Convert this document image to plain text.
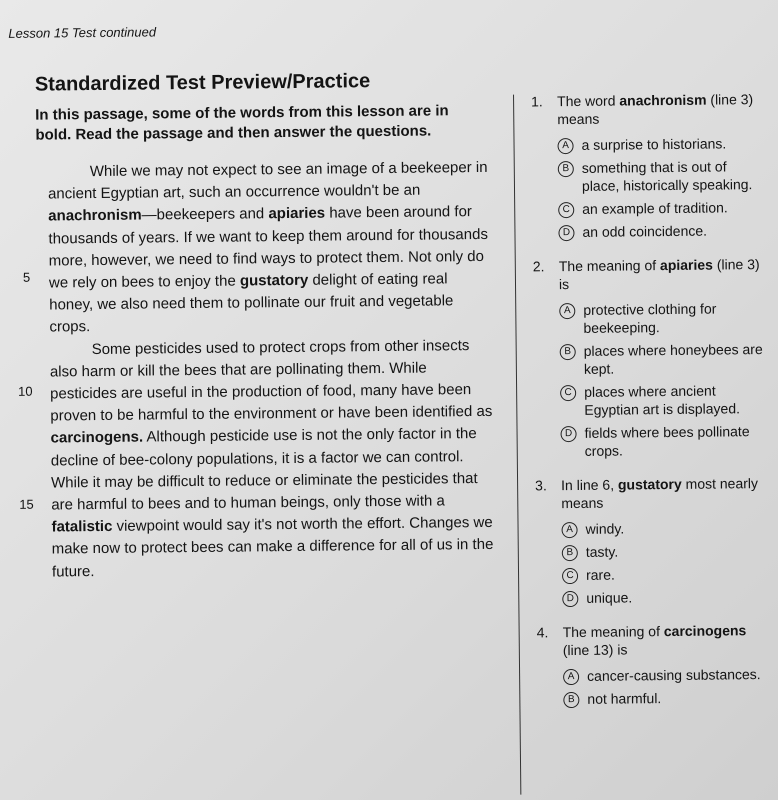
Lesson 15 Test continued
Standardized Test Preview/Practice
In this passage, some of the words from this lesson are in bold. Read the passage and then answer the questions.

While we may not expect to see an image of a beekeeper in ancient Egyptian art, such an occurrence wouldn't be an anachronism—beekeepers and apiaries have been around for thousands of years. If we want to keep them around for thousands more, however, we need to find ways to protect them. Not only do we rely on bees to enjoy the gustatory delight of eating real honey, we also need them to pollinate our fruit and vegetable crops.

Some pesticides used to protect crops from other insects also harm or kill the bees that are pollinating them. While pesticides are useful in the production of food, many have been proven to be harmful to the environment or have been identified as carcinogens. Although pesticide use is not the only factor in the decline of bee-colony populations, it is a factor we can control. While it may be difficult to reduce or eliminate the pesticides that are harmful to bees and to human beings, only those with a fatalistic viewpoint would say it's not worth the effort. Changes we make now to protect bees can make a difference for all of us in the future.

5
10
15
1.	The word anachronism (line 3) means
A a surprise to historians.
B something that is out of place, historically speaking.
C an example of tradition.
D an odd coincidence.
2.	The meaning of apiaries (line 3) is
A protective clothing for beekeeping.
B places where honeybees are kept.
C places where ancient Egyptian art is displayed.
D fields where bees pollinate crops.
3.	In line 6, gustatory most nearly means
A windy.
B tasty.
C rare.
D unique.
4.	The meaning of carcinogens (line 13) is
A cancer-causing substances.
B not harmful.
